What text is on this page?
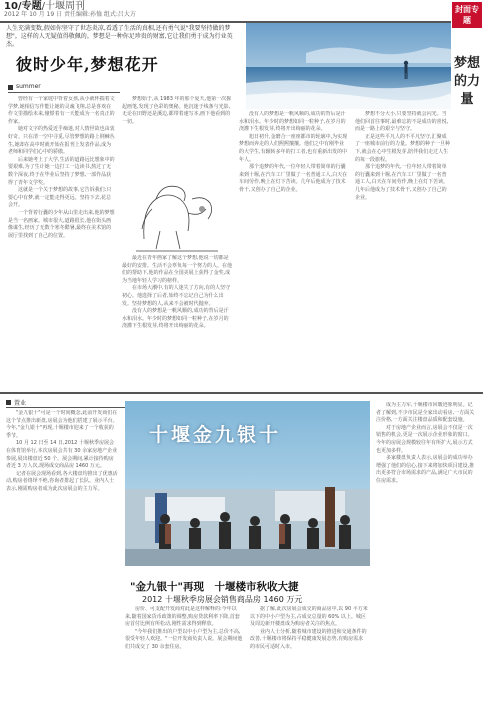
10/专题/十堰周刊
2012 年 10 月 19 日 责任编辑:孙恤 组式:吕大方
封面专题
人生充满变数,假如你坚守了世态炎凉,看透了生活的真相,还有勇气说"我要坚持做的梦想"。这样的人无疑值得敬佩的。梦想是一种你足珍贵的财富,它让我们勇于成为行业英杰。
彼时少年,梦想花开	梦想的力量
summer

曾经有一个家庭中背着女孩,从小就怀揣着文学梦,她相信写作能让她的灵魂飞翔,总是喜欢在作文里描绘未来,憧憬着有一天能成为一名真正的作家。

她对文字的热爱近乎痴迷,对人情世故也由衷好奇。只在清一空中寻觅,尽管梦想的路上荆棘丛生,她却在高中时就开始在报刊上发表作品,成为老师和同学们心中的骄傲。

后来她考上了大学,生活的道路远比想象中的要艰难,为了生计她一边打工一边读书,熬过了无数个深夜,终于在毕业后坚持了梦想,一部作品获得了青年文学奖。

这就是一个关于梦想的故事,它告诉我们:只要心中有梦,就一定能走得更远。坚持下去,花总会开。

一个背着行囊的少年从山里走出来,他的梦想是当一名画家。城市很大,道路很长,他在街头画像谋生,经历了无数个寒冬酷暑,最终在美术馆的展厅里找到了自己的位置。

梦想始于,从 1983 年的那个夏天,他第一次握起画笔,发现了色彩的奥秘。他沉迷于线条与光影,无论在田野还是溪边,都带着速写本,画下他看到的一切。

最近在青年画家了解这个梦想,他说一切都是最好的安排。生活不会辜负每一个努力的人。在他们的帮助下,他的作品在全国美展上获得了金奖,成为当地年轻人学习的榜样。

在市场大潮中,有的人迷失了方向,有的人坚守初心。他选择了后者,始终不忘记自己为什么出发。坚持梦想的人,从来不会被时代抛弃。

没有人的梦想是一帆风顺的,成功的背后是汗水和泪水。年少时的梦想如同一粒种子,在岁月的浇灌下生根发芽,终将开出绚丽的花朵。

没有人的梦想是一帆风顺的,成功的背后是汗水和泪水。年少时的梦想如同一粒种子,在岁月的浇灌下生根发芽,终将开出绚丽的花朵。

旭日初升,金磨合一座座都市的轮廓中,为实现梦想而奔走的人们熙熙攘攘。他们之中有刚毕业的大学生,有辗转多年的打工者,也有重新出发的中年人。

那个追梦的年代,一位年轻人带着简单的行囊来到十堰,在汽车工厂里做了一名普通工人,白天在车间劳作,晚上在灯下苦读。几年后他成为了技术骨干,又创办了自己的企业。

梦想不分大小,只要坚持就会闪光。当他们回首往事时,最难忘的不是成功的喜悦,而是一路上的艰辛与坚守。

正是这些平凡人的不平凡坚守,汇聚成了一座城市前行的力量。梦想的种子一旦种下,就会在心中生根发芽,陪伴我们走过人生的每一段旅程。

那个追梦的年代,一位年轻人带着简单的行囊来到十堰,在汽车工厂里做了一名普通工人,白天在车间劳作,晚上在灯下苦读。几年后他成为了技术骨干,又创办了自己的企业。

置业

"金九银十"可是一个时间概念,此前开发商们在这个节点推出新盘,房展会为他们搭建了展示平台。今年,"金九银十"再现,十堰楼市迎来了一个收获的季节。

10 月 12 日至 14 日,2012 十堰秋季房展会在体育馆举行,本次房展会共有 30 余家房地产企业参展,展出楼盘近 50 个。展会期间,累计接待购房者近 3 万人次,现场成交商品房 1460 万元。

记者在展会现场看到,各大楼盘均推出了优惠活动,购房者络绎不绝,咨询者排起了长队。业内人士表示,刚需购房者成为此次房展会的主力军。

十堰金九银十
"金九银十"再现　十堰楼市秋收大捷
2012 十堰秋季房展会销售商品房 1460 万元

房价、可支配开发商对此是这样解释的:今年以来,随着国家货币政策的调整,购房贷款利率下降,首套房首付比例有所松动,刚性需求得到释放。

"今年我们推出的户型以中小户型为主,总价不高,很受年轻人欢迎。"一位开发商负责人说。展会期间他们共成交了 30 余套住房。

据了解,此次房展会成交的商品房中,以 90 平方米以下的中小户型为主,占成交总量的 60% 以上。城区及周边新开楼盘成为购房者关注的焦点。

业内人士分析,随着城市建设的推进和交通条件的改善,十堰楼市将保持平稳健康发展态势,有购房需求的市民可适时入市。

成为主力军,十堰楼市回暖迹象明显。记者了解到,不少市民是全家出动看房,一方面关注价格,一方面关注楼盘品质和配套设施。

对于房地产企业而言,房展会不仅是一次销售的机会,更是一次展示企业形象的窗口。今年的房展会规模较往年有所扩大,展示方式也更加多样。

多家楼盘负责人表示,房展会的成功举办增强了他们的信心,接下来将加快项目建设,推出更多符合市场需求的产品,满足广大市民的住房需求。
